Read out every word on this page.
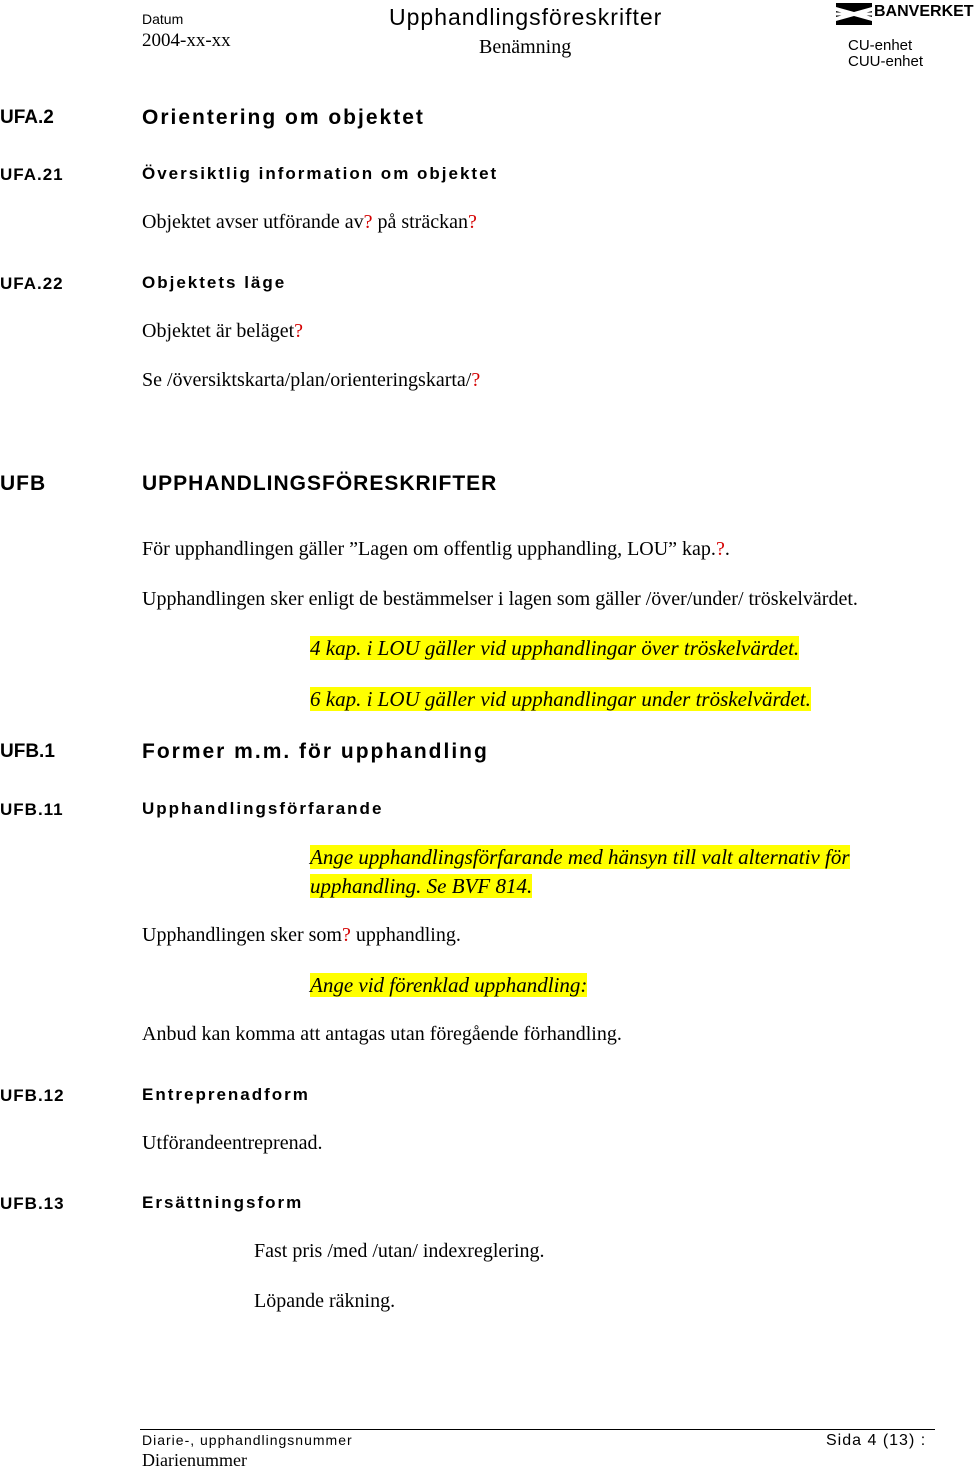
Datum
2004-xx-xx
Upphandlingsföreskrifter
Benämning
BANVERKET
CU-enhet
CUU-enhet
UFA.2	Orientering om objektet
UFA.21	Översiktlig information om objektet
Objektet avser utförande av? på sträckan?
UFA.22	Objektets läge
Objektet är beläget?
Se /översiktskarta/plan/orienteringskarta/?
UFB	UPPHANDLINGSFÖRESKRIFTER
För upphandlingen gäller ”Lagen om offentlig upphandling, LOU” kap.?.
Upphandlingen sker enligt de bestämmelser i lagen som gäller /över/under/ tröskelvärdet.
4 kap. i LOU gäller vid upphandlingar över tröskelvärdet.
6 kap. i LOU gäller vid upphandlingar under tröskelvärdet.
UFB.1	Former m.m. för upphandling
UFB.11	Upphandlingsförfarande
Ange upphandlingsförfarande med hänsyn till valt alternativ för
upphandling. Se BVF 814.
Upphandlingen sker som? upphandling.
Ange vid förenklad upphandling:
Anbud kan komma att antagas utan föregående förhandling.
UFB.12	Entreprenadform
Utförandeentreprenad.
UFB.13	Ersättningsform
Fast pris /med /utan/ indexreglering.
Löpande räkning.
Diarie-, upphandlingsnummer
Diarienummer
Sida 4 (13) :
